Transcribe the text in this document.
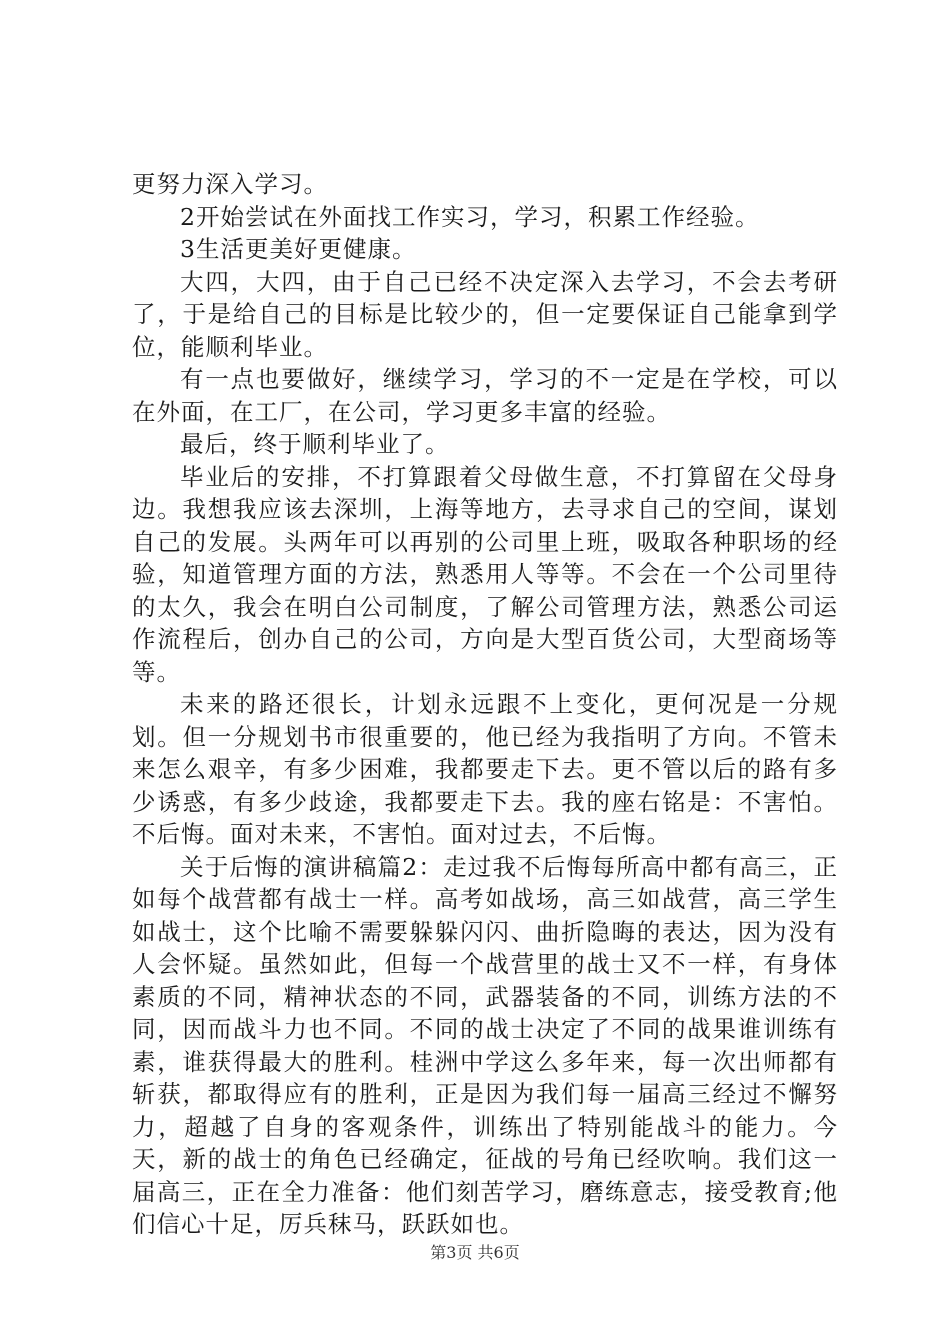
更努力深入学习。

2开始尝试在外面找工作实习，学习，积累工作经验。

3生活更美好更健康。

大四，大四，由于自己已经不决定深入去学习，不会去考研了，于是给自己的目标是比较少的，但一定要保证自己能拿到学位，能顺利毕业。

有一点也要做好，继续学习，学习的不一定是在学校，可以在外面，在工厂，在公司，学习更多丰富的经验。

最后，终于顺利毕业了。

毕业后的安排，不打算跟着父母做生意，不打算留在父母身边。我想我应该去深圳，上海等地方，去寻求自己的空间，谋划自己的发展。头两年可以再别的公司里上班，吸取各种职场的经验，知道管理方面的方法，熟悉用人等等。不会在一个公司里待的太久，我会在明白公司制度，了解公司管理方法，熟悉公司运作流程后，创办自己的公司，方向是大型百货公司，大型商场等等。

未来的路还很长，计划永远跟不上变化，更何况是一分规划。但一分规划书市很重要的，他已经为我指明了方向。不管未来怎么艰辛，有多少困难，我都要走下去。更不管以后的路有多少诱惑，有多少歧途，我都要走下去。我的座右铭是：不害怕。不后悔。面对未来，不害怕。面对过去，不后悔。

关于后悔的演讲稿篇2：走过我不后悔每所高中都有高三，正如每个战营都有战士一样。高考如战场，高三如战营，高三学生如战士，这个比喻不需要躲躲闪闪、曲折隐晦的表达，因为没有人会怀疑。虽然如此，但每一个战营里的战士又不一样，有身体素质的不同，精神状态的不同，武器装备的不同，训练方法的不同，因而战斗力也不同。不同的战士决定了不同的战果谁训练有素，谁获得最大的胜利。桂洲中学这么多年来，每一次出师都有斩获，都取得应有的胜利，正是因为我们每一届高三经过不懈努力，超越了自身的客观条件，训练出了特别能战斗的能力。今天，新的战士的角色已经确定，征战的号角已经吹响。我们这一届高三，正在全力准备：他们刻苦学习，磨练意志，接受教育;他们信心十足，厉兵秣马，跃跃如也。

第3页 共6页
